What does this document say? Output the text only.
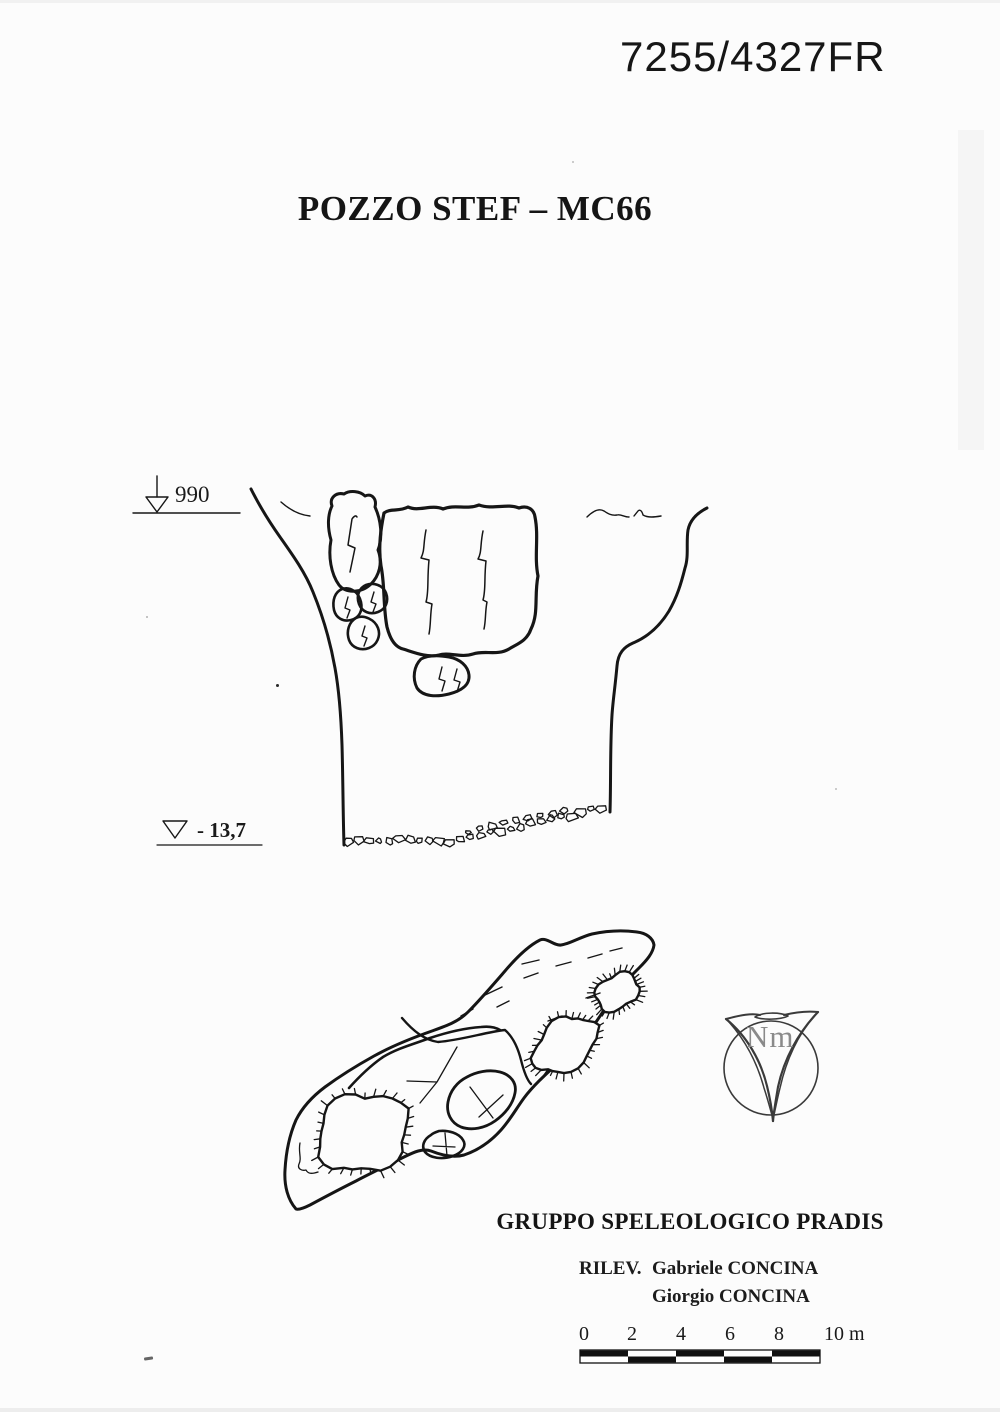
7255/4327FR
POZZO STEF – MC66
990
- 13,7
GRUPPO SPELEOLOGICO PRADIS
RILEV. Gabriele CONCINA
Giorgio CONCINA
0	2	4	6	8	10 m
Nm
